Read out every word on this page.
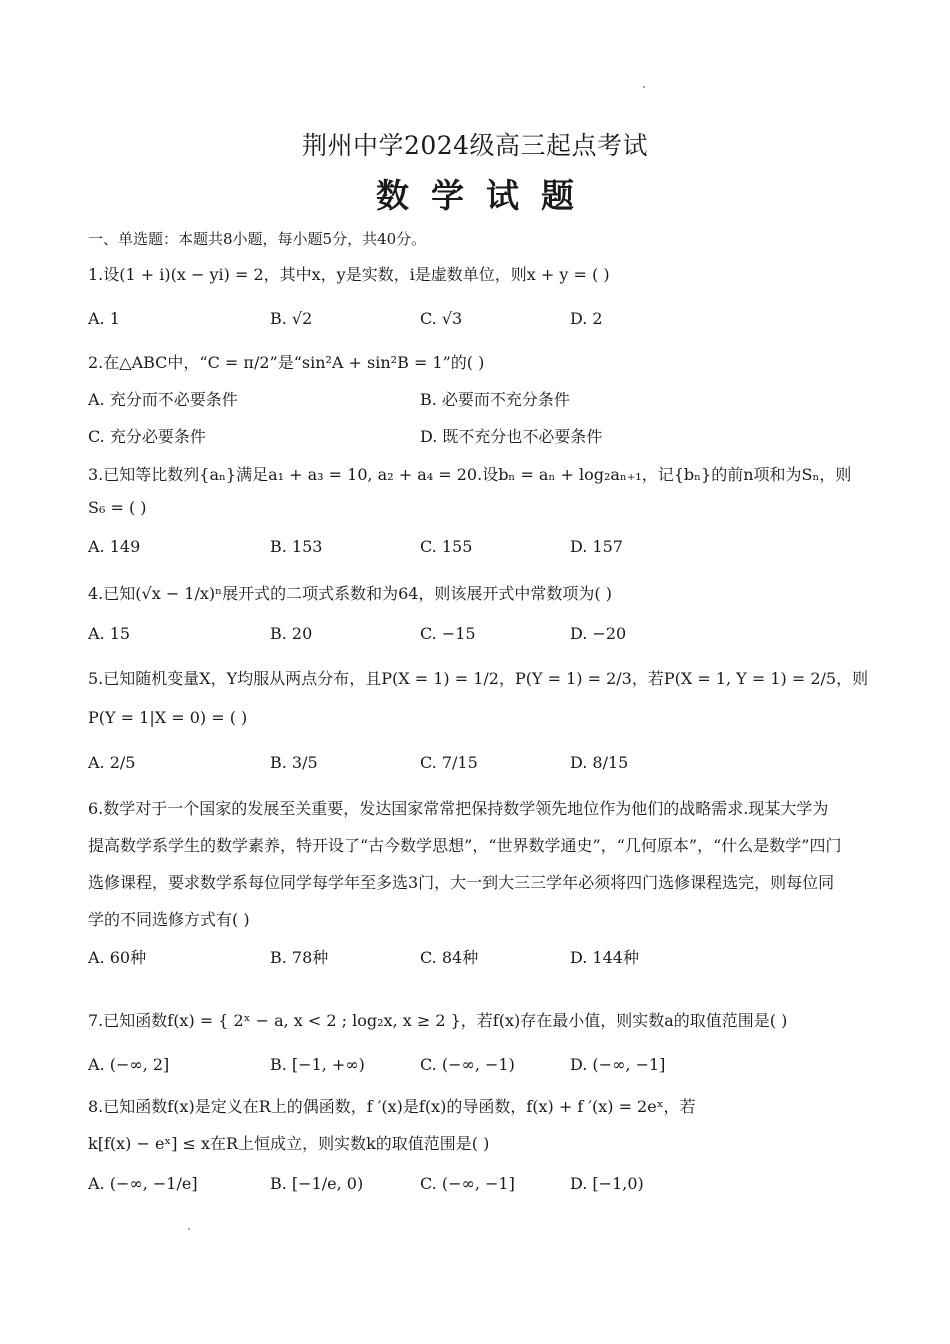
荆州中学2024级高三起点考试
数学试题
一、单选题：本题共8小题，每小题5分，共40分。
1.设(1 + i)(x − yi) = 2，其中x，y是实数，i是虚数单位，则x + y = ( )
A. 1	B. √2	C. √3	D. 2
2.在△ABC中，“C = π/2”是“sin²A + sin²B = 1”的( )
A. 充分而不必要条件	B. 必要而不充分条件
C. 充分必要条件	D. 既不充分也不必要条件
3.已知等比数列{aₙ}满足a₁ + a₃ = 10, a₂ + a₄ = 20.设bₙ = aₙ + log₂aₙ₊₁，记{bₙ}的前n项和为Sₙ，则
S₆ = ( )
A. 149	B. 153	C. 155	D. 157
4.已知(√x − 1/x)ⁿ展开式的二项式系数和为64，则该展开式中常数项为( )
A. 15	B. 20	C. −15	D. −20
5.已知随机变量X，Y均服从两点分布，且P(X = 1) = 1/2，P(Y = 1) = 2/3，若P(X = 1, Y = 1) = 2/5，则
P(Y = 1|X = 0) = ( )
A. 2/5	B. 3/5	C. 7/15	D. 8/15
6.数学对于一个国家的发展至关重要，发达国家常常把保持数学领先地位作为他们的战略需求.现某大学为
提高数学系学生的数学素养，特开设了“古今数学思想”，“世界数学通史”，“几何原本”，“什么是数学”四门
选修课程，要求数学系每位同学每学年至多选3门，大一到大三三学年必须将四门选修课程选完，则每位同
学的不同选修方式有( )
A. 60种	B. 78种	C. 84种	D. 144种
7.已知函数f(x) = { 2ˣ − a, x < 2 ; log₂x, x ≥ 2 }，若f(x)存在最小值，则实数a的取值范围是( )
A. (−∞, 2]	B. [−1, +∞)	C. (−∞, −1)	D. (−∞, −1]
8.已知函数f(x)是定义在R上的偶函数，f ′(x)是f(x)的导函数，f(x) + f ′(x) = 2eˣ，若
k[f(x) − eˣ] ≤ x在R上恒成立，则实数k的取值范围是( )
A. (−∞, −1/e]	B. [−1/e, 0)	C. (−∞, −1]	D. [−1,0)
